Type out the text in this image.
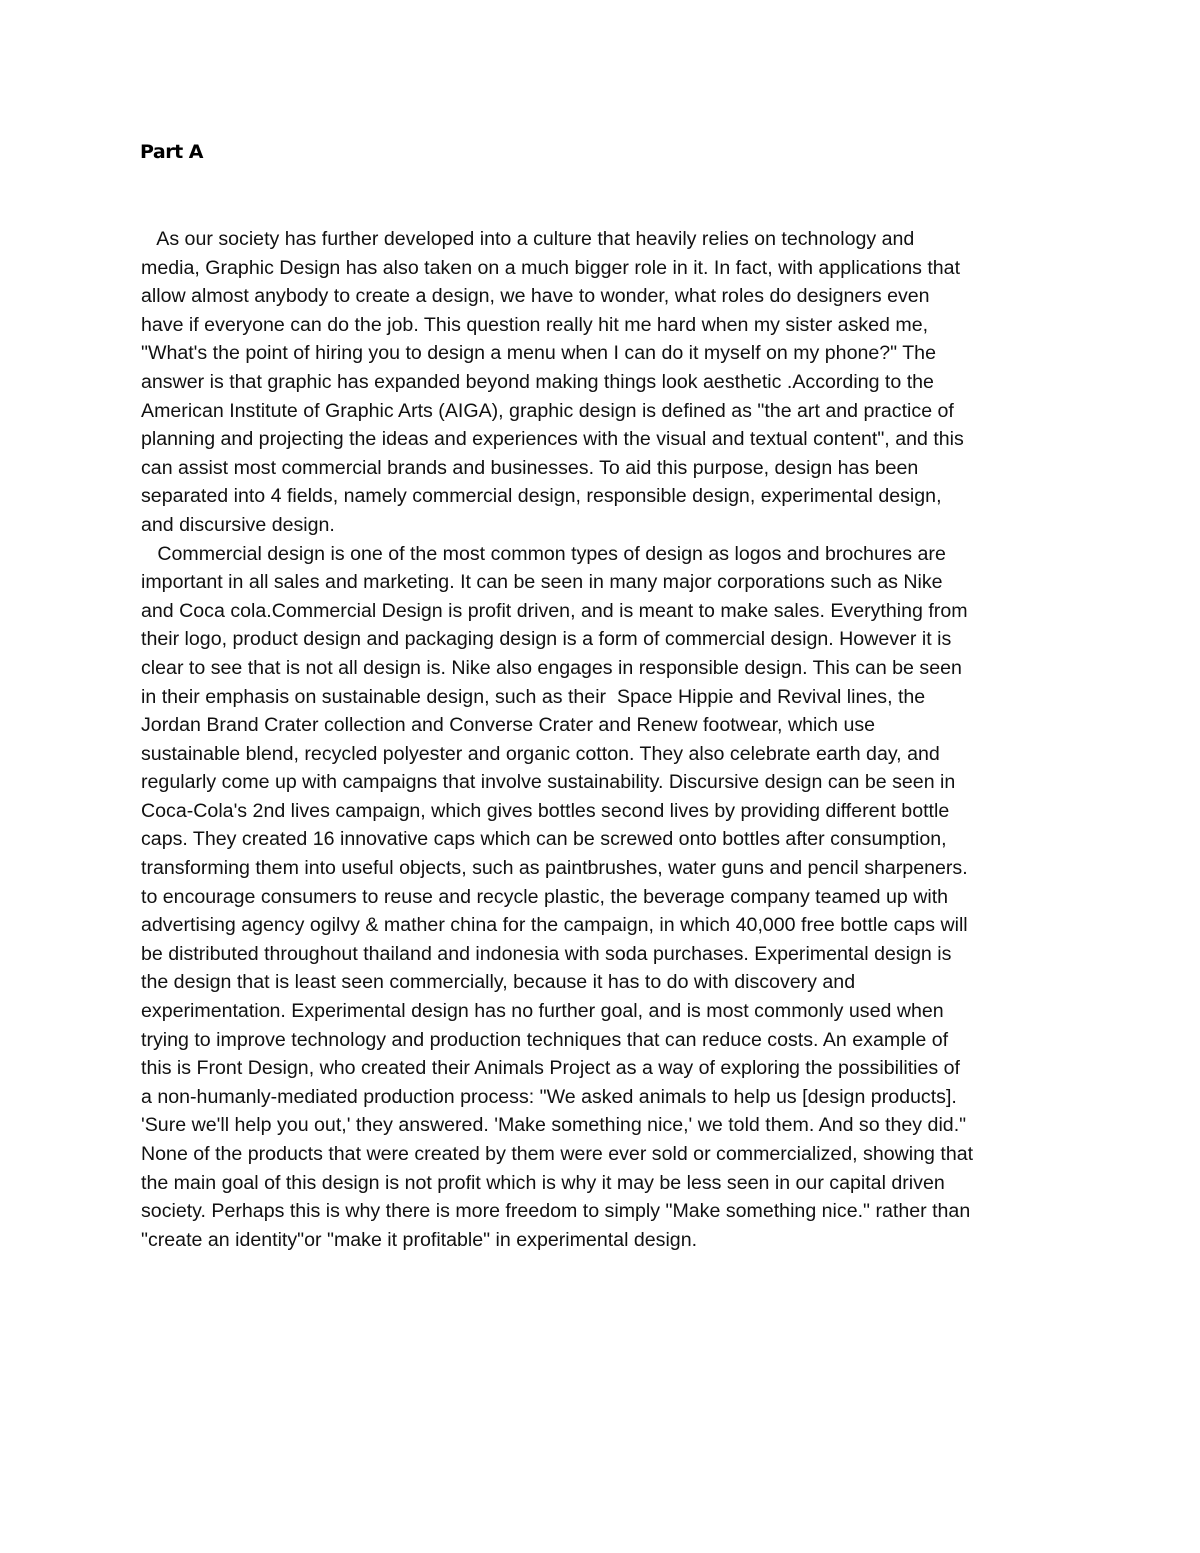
Part A
As our society has further developed into a culture that heavily relies on technology and
media, Graphic Design has also taken on a much bigger role in it. In fact, with applications that
allow almost anybody to create a design, we have to wonder, what roles do designers even
have if everyone can do the job. This question really hit me hard when my sister asked me,
"What's the point of hiring you to design a menu when I can do it myself on my phone?" The
answer is that graphic has expanded beyond making things look aesthetic .According to the
American Institute of Graphic Arts (AIGA), graphic design is defined as "the art and practice of
planning and projecting the ideas and experiences with the visual and textual content", and this
can assist most commercial brands and businesses. To aid this purpose, design has been
separated into 4 fields, namely commercial design, responsible design, experimental design,
and discursive design.
Commercial design is one of the most common types of design as logos and brochures are
important in all sales and marketing. It can be seen in many major corporations such as Nike
and Coca cola.Commercial Design is profit driven, and is meant to make sales. Everything from
their logo, product design and packaging design is a form of commercial design. However it is
clear to see that is not all design is. Nike also engages in responsible design. This can be seen
in their emphasis on sustainable design, such as their  Space Hippie and Revival lines, the
Jordan Brand Crater collection and Converse Crater and Renew footwear, which use
sustainable blend, recycled polyester and organic cotton. They also celebrate earth day, and
regularly come up with campaigns that involve sustainability. Discursive design can be seen in
Coca-Cola's 2nd lives campaign, which gives bottles second lives by providing different bottle
caps. They created 16 innovative caps which can be screwed onto bottles after consumption,
transforming them into useful objects, such as paintbrushes, water guns and pencil sharpeners.
to encourage consumers to reuse and recycle plastic, the beverage company teamed up with
advertising agency ogilvy & mather china for the campaign, in which 40,000 free bottle caps will
be distributed throughout thailand and indonesia with soda purchases. Experimental design is
the design that is least seen commercially, because it has to do with discovery and
experimentation. Experimental design has no further goal, and is most commonly used when
trying to improve technology and production techniques that can reduce costs. An example of
this is Front Design, who created their Animals Project as a way of exploring the possibilities of
a non-humanly-mediated production process: "We asked animals to help us [design products].
'Sure we'll help you out,' they answered. 'Make something nice,' we told them. And so they did."
None of the products that were created by them were ever sold or commercialized, showing that
the main goal of this design is not profit which is why it may be less seen in our capital driven
society. Perhaps this is why there is more freedom to simply "Make something nice." rather than
"create an identity"or "make it profitable" in experimental design.
